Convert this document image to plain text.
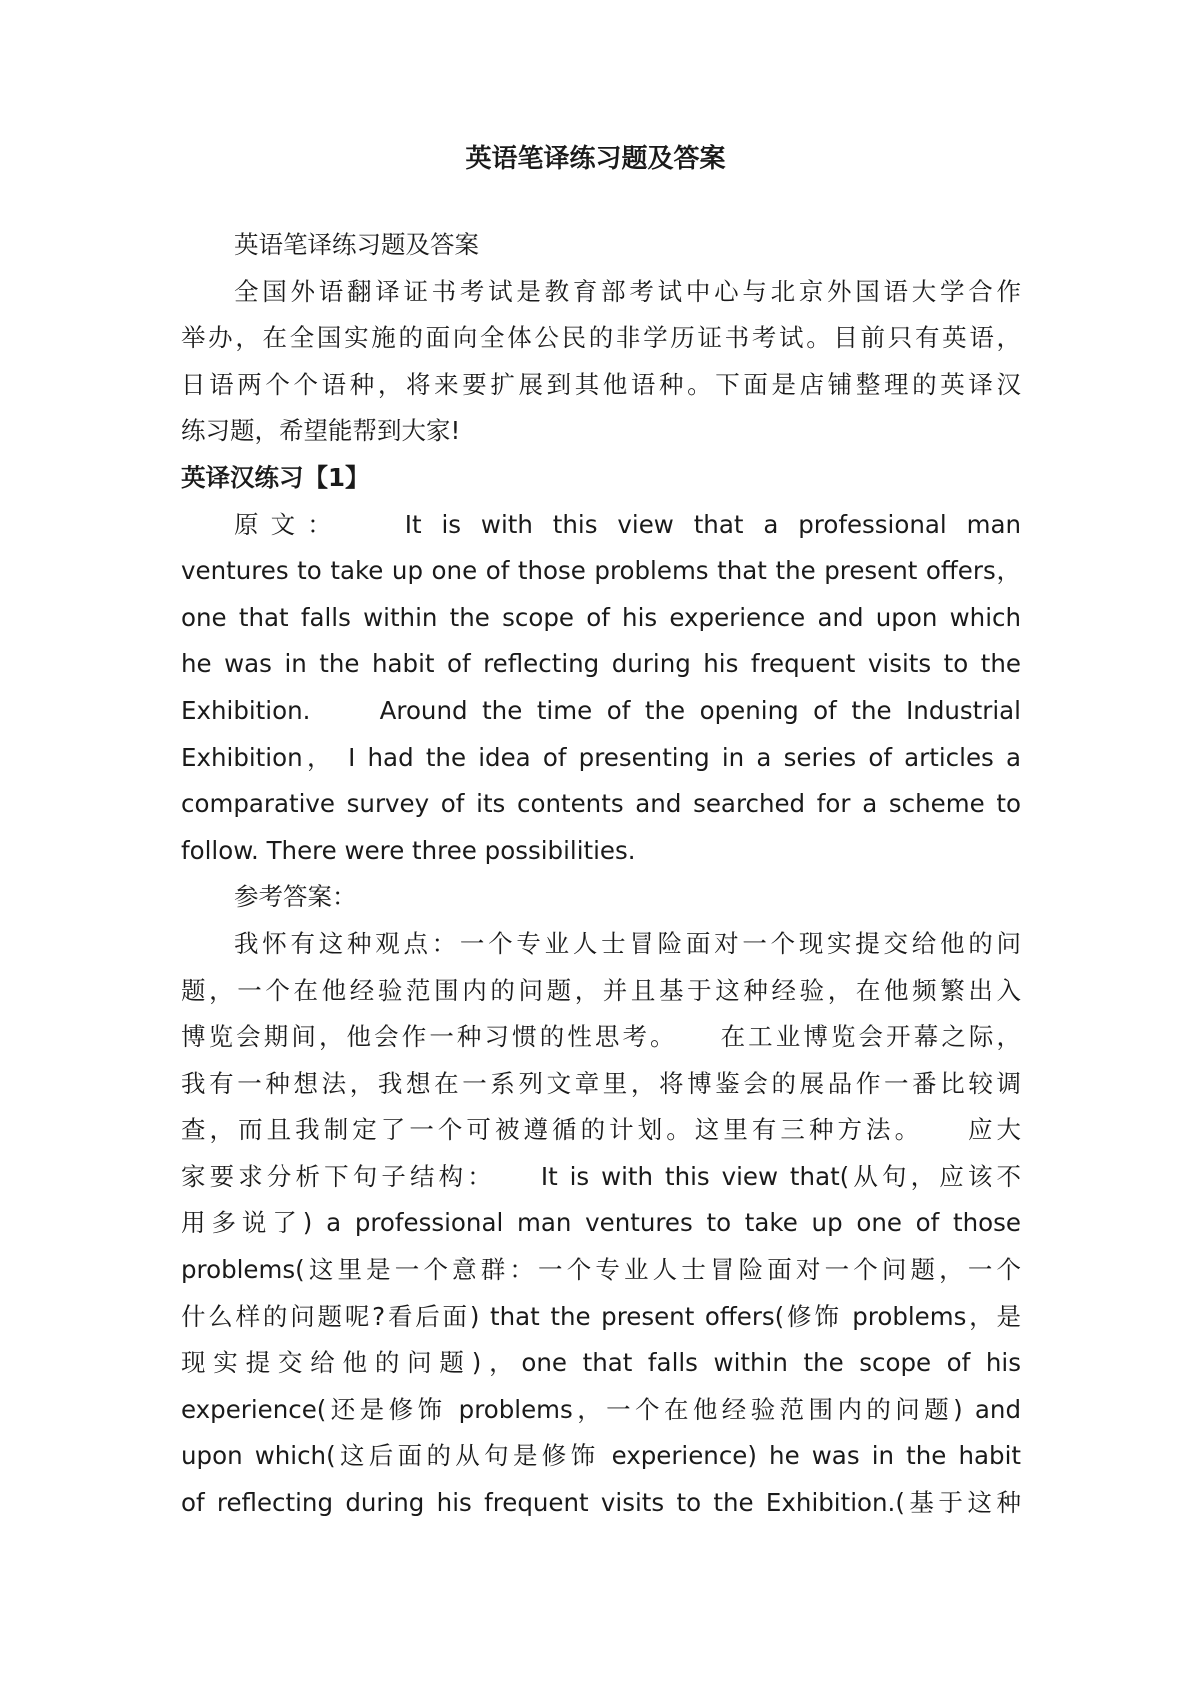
英语笔译练习题及答案
英语笔译练习题及答案
全国外语翻译证书考试是教育部考试中心与北京外国语大学合作
举办，在全国实施的面向全体公民的非学历证书考试。目前只有英语，
日语两个个语种，将来要扩展到其他语种。下面是店铺整理的英译汉
练习题，希望能帮到大家!
英译汉练习【1】
原文：　　It is with this view that a professional man
ventures to take up one of those problems that the present offers，
one that falls within the scope of his experience and upon which
he was in the habit of reflecting during his frequent visits to the
Exhibition.　　Around the time of the opening of the Industrial
Exhibition， I had the idea of presenting in a series of articles a
comparative survey of its contents and searched for a scheme to
follow. There were three possibilities.
参考答案：
我怀有这种观点：一个专业人士冒险面对一个现实提交给他的问
题，一个在他经验范围内的问题，并且基于这种经验，在他频繁出入
博览会期间，他会作一种习惯的性思考。　　在工业博览会开幕之际，
我有一种想法，我想在一系列文章里，将博鉴会的展品作一番比较调
查，而且我制定了一个可被遵循的计划。这里有三种方法。　　应大
家要求分析下句子结构：　　It is with this view that(从句，应该不
用多说了) a professional man ventures to take up one of those
problems(这里是一个意群：一个专业人士冒险面对一个问题，一个
什么样的问题呢?看后面) that the present offers(修饰 problems，是
现实提交给他的问题)，one that falls within the scope of his
experience(还是修饰 problems，一个在他经验范围内的问题) and
upon which(这后面的从句是修饰 experience) he was in the habit
of reflecting during his frequent visits to the Exhibition.(基于这种
